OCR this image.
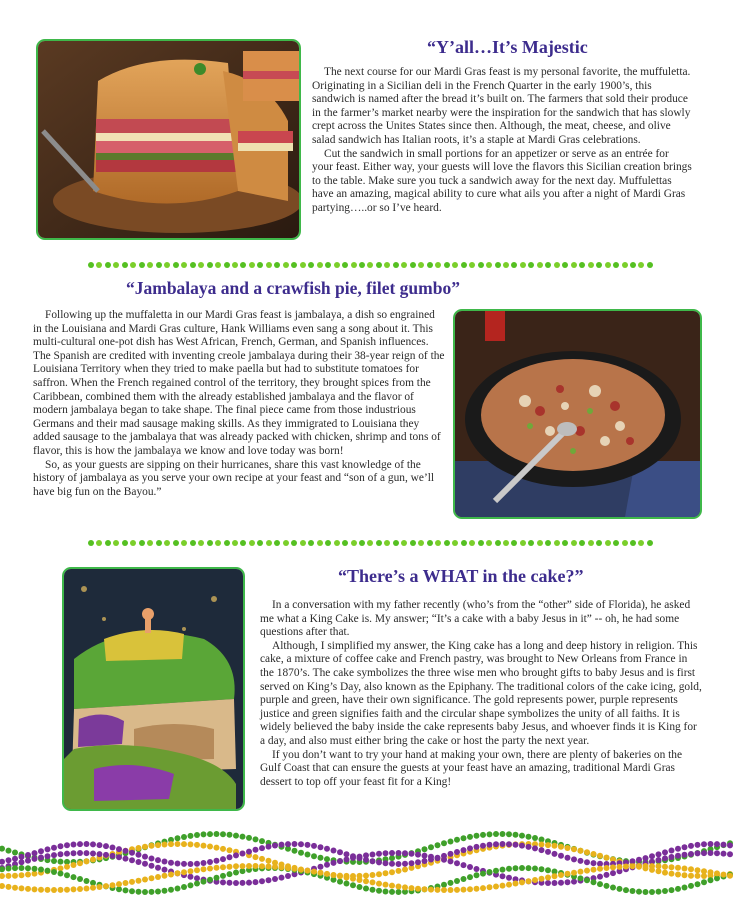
“Y’all…It’s Majestic

The next course for our Mardi Gras feast is my personal favorite, the muffuletta. Originating in a Sicilian deli in the French Quarter in the early 1900’s, this sandwich is named after the bread it’s built on. The farmers that sold their produce in the farmer’s market nearby were the inspiration for the sandwich that has slowly crept across the Unites States since then. Although, the meat, cheese, and olive salad sandwich has Italian roots, it’s a staple at Mardi Gras celebrations.

Cut the sandwich in small portions for an appetizer or serve as an entrée for your feast. Either way, your guests will love the flavors this Sicilian creation brings to the table. Make sure you tuck a sandwich away for the next day. Muffulettas have an amazing, magical ability to cure what ails you after a night of Mardi Gras partying…..or so I’ve heard.

“Jambalaya and a crawfish pie, filet gumbo”

Following up the muffaletta in our Mardi Gras feast is jambalaya, a dish so engrained in the Louisiana and Mardi Gras culture, Hank Williams even sang a song about it. This multi-cultural one-pot dish has West African, French, German, and Spanish influences. The Spanish are credited with inventing creole jambalaya during their 38-year reign of the Louisiana Territory when they tried to make paella but had to substitute tomatoes for saffron. When the French regained control of the territory, they brought spices from the Caribbean, combined them with the already established jambalaya and the flavor of modern jambalaya began to take shape. The final piece came from those industrious Germans and their mad sausage making skills. As they immigrated to Louisiana they added sausage to the jambalaya that was already packed with chicken, shrimp and tons of flavor, this is how the jambalaya we know and love today was born!

So, as your guests are sipping on their hurricanes, share this vast knowledge of the history of jambalaya as you serve your own recipe at your feast and “son of a gun, we’ll have big fun on the Bayou.”

“There’s a WHAT in the cake?”

In a conversation with my father recently (who’s from the “other” side of Florida), he asked me what a King Cake is. My answer; “It’s a cake with a baby Jesus in it” -- oh, he had some questions after that.

Although, I simplified my answer, the King cake has a long and deep history in religion. This cake, a mixture of coffee cake and French pastry, was brought to New Orleans from France in the 1870’s. The cake symbolizes the three wise men who brought gifts to baby Jesus and is first served on King’s Day, also known as the Epiphany. The traditional colors of the cake icing, gold, purple and green, have their own significance. The gold represents power, purple represents justice and green signifies faith and the circular shape symbolizes the unity of all faiths. It is widely believed the baby inside the cake represents baby Jesus, and whoever finds it is King for a day, and also must either bring the cake or host the party the next year.

If you don’t want to try your hand at making your own, there are plenty of bakeries on the Gulf Coast that can ensure the guests at your feast have an amazing, traditional Mardi Gras dessert to top off your feast fit for a King!
